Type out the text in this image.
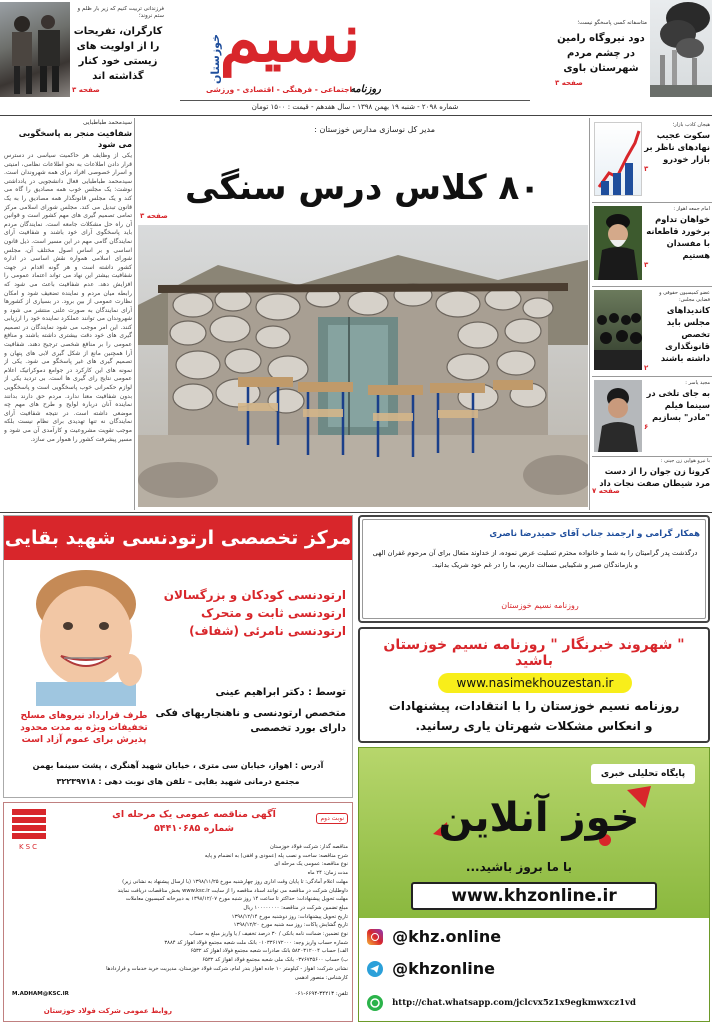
فرزندانی تربیت کنیم که زیر بار ظلم و ستم نروند؛
کارگران، تفریحات را از اولویت های زیستی خود کنار گذاشته اند
صفحه ۳
نسیم
خوزستان
روزنامه
اجتماعی - فرهنگی - اقتصادی - ورزشی
متاسفانه کسی پاسخگو نیست؛
دود نیروگاه رامین در چشم مردم شهرستان باوی
صفحه ۳
شماره ۲۰۹۸ - شنبه ۱۹ بهمن ۱۳۹۸ - سال هفدهم - قیمت : ۱۵۰۰ تومان
سیدمحمد طباطبایی
شفافیت منجر به پاسخگویی می شود
یکی از وظایف هر حاکمیت سیاسی در دسترس قرار دادن اطلاعات به نحو اطلاعات نظامی، امنیتی و اسرار خصوصی افراد برای همه شهروندان است. سیدمحمد طباطبایی فعال دانشجویی در یادداشتی نوشت: یک مجلس خوب همه مصادیق را گاه می کند و یک مجلس قانونگذار همه مصادیق را به یک قانون تبدیل می کند. مجلس شورای اسلامی مرکز تمامی تصمیم گیری های مهم کشور است و قوانین آن راه حل مشکلات جامعه است. نمایندگان مردم باید پاسخگوی آرای خود باشند و شفافیت آرای نمایندگان گامی مهم در این مسیر است. ذیل قانون اساسی و بر اساس اصول مختلف آن، مجلس شورای اسلامی همواره نقش اساسی در اداره کشور داشته است و هر گونه اقدام در جهت شفافیت بیشتر این نهاد می تواند اعتماد عمومی را افزایش دهد. عدم شفافیت باعث می شود که رابطه میان مردم و نماینده تضعیف شود و امکان نظارت عمومی از بین برود. در بسیاری از کشورها آرای نمایندگان به صورت علنی منتشر می شود و شهروندان می توانند عملکرد نماینده خود را ارزیابی کنند. این امر موجب می شود نمایندگان در تصمیم گیری های خود دقت بیشتری داشته باشند و منافع عمومی را بر منافع شخصی ترجیح دهند. شفافیت آرا همچنین مانع از شکل گیری لابی های پنهان و تصمیم گیری های غیر پاسخگو می شود. یکی از نمونه های این کارکرد در جوامع دموکراتیک اعلام عمومی نتایج رای گیری ها است. بی تردید یکی از لوازم حکمرانی خوب پاسخگویی است و پاسخگویی بدون شفافیت معنا ندارد. مردم حق دارند بدانند نماینده آنان درباره لوایح و طرح های مهم چه موضعی داشته است. در نتیجه شفافیت آرای نمایندگان نه تنها تهدیدی برای نظام نیست بلکه موجب تقویت مشروعیت و کارآمدی آن می شود و مسیر پیشرفت کشور را هموار می سازد.
مدیر کل نوسازی مدارس خوزستان :
۸۰ کلاس درس سنگی
صفحه ۳
هیجان کاذب بازار؛
سکوت عجیب نهادهای ناظر بر بازار خودرو
۳
امام جمعه اهواز :
خواهان تداوم برخورد قاطعانه با مفسدان هستیم
۳
عضو کمیسیون حقوقی و قضایی مجلس:
کاندیداهای مجلس باید تخصص قانونگذاری داشته باشند
۲
مجید یاسر :
به جای تلخی در سینما فیلم "مادر" بسازیم
۶
با نیرو هوایی زن جینی :
کرونا زن جوان را از دست مرد شیطان صفت نجات داد
صفحه ۷
مرکز تخصصی ارتودنسی شهید بقایی
ارتودنسی کودکان و بزرگسالان
ارتودنسی ثابت و متحرک
ارتودنسی نامرئی (شفاف)
توسط : دکتر ابراهیم عینی
متخصص ارتودنسی و ناهنجاریهای فکی
دارای بورد تخصصی
طرف قرارداد نیروهای مسلح
تخفیفات ویژه به مدت محدود
پذیرش برای عموم آزاد است
آدرس : اهواز، خیابان سی متری ، خیابان شهید آهنگری ، پشت سینما بهمن
مجتمع درمانی شهید بقایی – تلفن های نوبت دهی : ۳۲۲۳۹۷۱۸
همکار گرامی و ارجمند جناب آقای حمیدرضا ناصری
درگذشت پدر گرامیتان را به شما و خانواده محترم تسلیت عرض نموده، از خداوند متعال برای آن مرحوم غفران الهی و بازماندگان صبر و شکیبایی مسالت داریم، ما را در غم خود شریک بدانید.
روزنامه نسیم خوزستان
" شهروند خبرنگار " روزنامه نسیم خوزستان باشید
www.nasimekhouzestan.ir
روزنامه نسیم خوزستان را با انتقادات، پیشنهادات
و انعکاس مشکلات شهرتان یاری رسانید.
نوبت دوم
آگهی مناقصه عمومی یک مرحله ای
شماره ۵۴۴۱۰۶۸۵
KSC	مناقصه گذار: شرکت فولاد خوزستان
شرح مناقصه: ساخت و نصب پله (عمودی و افقی) به انضمام و پایه
نوع مناقصه: عمومی یک مرحله ای
مدت زمان: ۲۴ ماه
مهلت اعلام آمادگی: تا پایان وقت اداری روز چهارشنبه مورخ ۱۳۹۸/۱۱/۲۵ (با ارسال پیشنهاد به نشانی زیر)
داوطلبان شرکت در مناقصه می توانند اسناد مناقصه را از سایت www.ksc.ir بخش مناقصات دریافت نمایند
مهلت تحویل پیشنهادات: حداکثر تا ساعت ۱۴ روز شنبه مورخ ۱۳۹۸/۱۲/۰۷ به دبیرخانه کمیسیون معاملات
مبلغ تضمین شرکت در مناقصه: ۱۰۰۰۰۰۰۰۰ ریال
تاریخ تحویل پیشنهادات: روز دوشنبه مورخ ۱۳۹۸/۱۲/۱۴
تاریخ گشایش پاکات: روز سه شنبه مورخ ۱۳۹۸/۱۲/۲۰
نوع تضمین: ضمانت نامه بانکی / ۳۰ درصد تخفیف / یا واریز مبلغ به حساب
شماره حساب واریز وجه: ۰۱۰۳۳۶۱۷۲۰۰۰ بانک ملت شعبه مجتمع فولاد اهواز کد ۳۸۸۴
الف) حساب ۵۸۲۰۳۱۲۰۰۴ بانک صادرات شعبه مجتمع فولاد اهواز کد ۶۵۳۲
ب) حساب ۰۳۷۶۷۳۵۶۰۰ بانک ملی شعبه مجتمع فولاد اهواز کد ۶۵۳۲
نشانی شرکت: اهواز - کیلومتر ۱۰ جاده اهواز بندر امام، شرکت فولاد خوزستان، مدیریت خرید خدمات و قراردادها
کارشناس: منصور ادهمی
تلفن: ۳۴۲۱۳-۶۶۹۴-۰۶۱
M.ADHAM@KSC.IR
روابط عمومی شرکت فولاد خوزستان
پایگاه تحلیلی خبری
خوز آنلاین
با ما بروز باشید...
www.khzonline.ir
@khz.online
@khzonline
http://chat.whatsapp.com/jclcvx5z1x9egkmwxcz1vd
